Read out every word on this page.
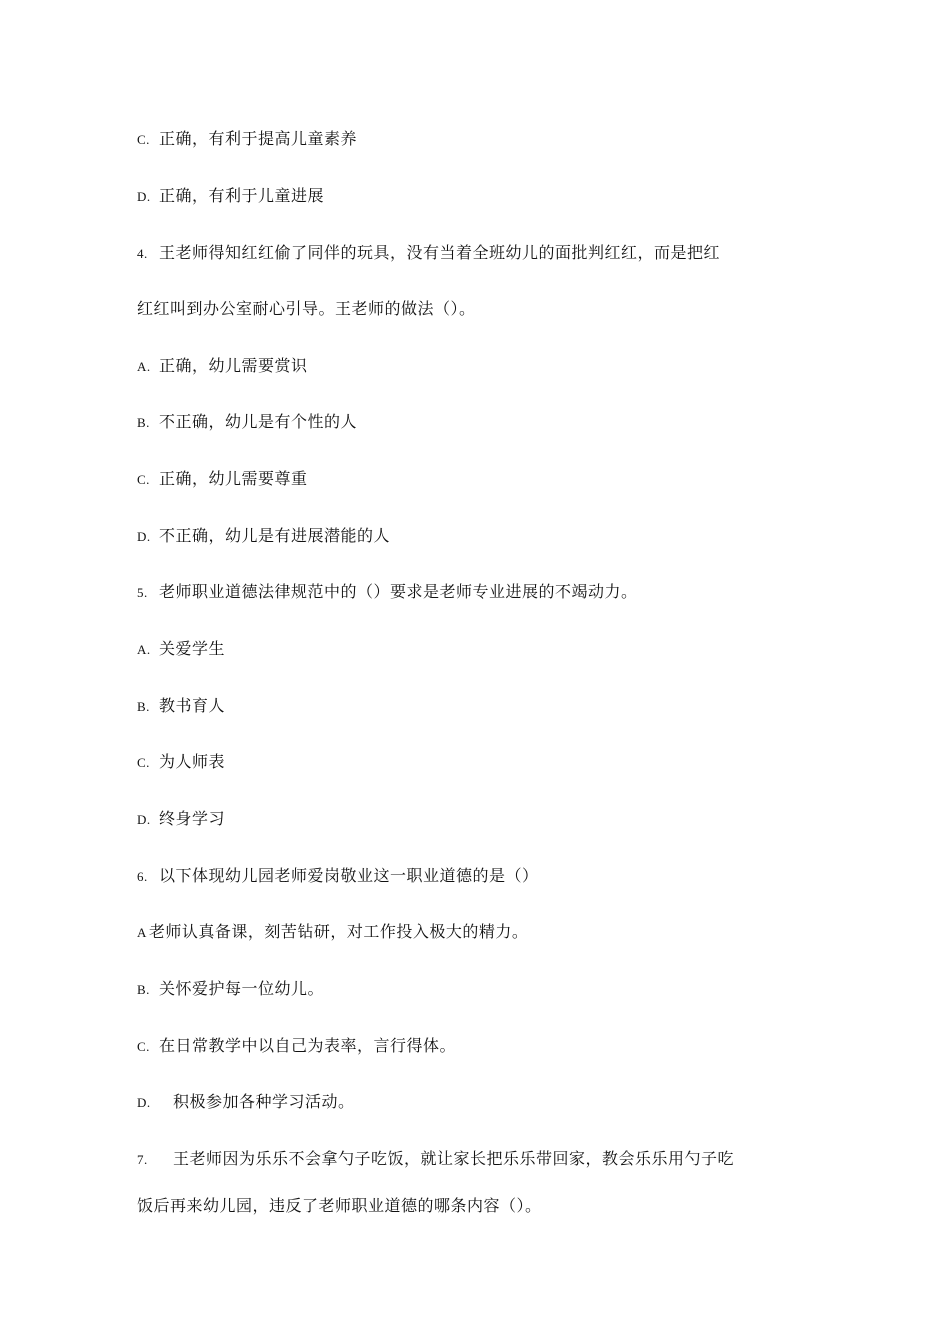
C. 正确，有利于提高儿童素养
D. 正确，有利于儿童进展
4. 王老师得知红红偷了同伴的玩具，没有当着全班幼儿的面批判红红，而是把红
红红叫到办公室耐心引导。王老师的做法（）。
A. 正确，幼儿需要赏识
B. 不正确，幼儿是有个性的人
C. 正确，幼儿需要尊重
D. 不正确，幼儿是有进展潜能的人
5. 老师职业道德法律规范中的（）要求是老师专业进展的不竭动力。
A. 关爱学生
B. 教书育人
C. 为人师表
D. 终身学习
6. 以下体现幼儿园老师爱岗敬业这一职业道德的是（）
A 老师认真备课，刻苦钻研，对工作投入极大的精力。
B. 关怀爱护每一位幼儿。
C. 在日常教学中以自己为表率，言行得体。
D. 积极参加各种学习活动。
7. 王老师因为乐乐不会拿勺子吃饭，就让家长把乐乐带回家，教会乐乐用勺子吃
饭后再来幼儿园，违反了老师职业道德的哪条内容（）。
